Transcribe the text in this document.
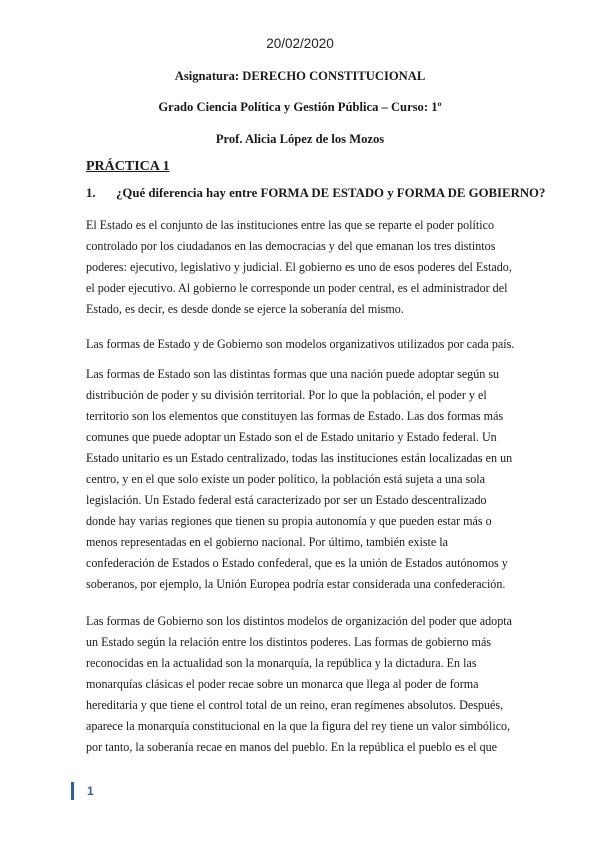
20/02/2020
Asignatura: DERECHO CONSTITUCIONAL
Grado Ciencia Política y Gestión Pública – Curso: 1º
Prof. Alicia López de los Mozos
PRÁCTICA 1
1. ¿Qué diferencia hay entre FORMA DE ESTADO y FORMA DE GOBIERNO?
El Estado es el conjunto de las instituciones entre las que se reparte el poder político
controlado por los ciudadanos en las democracias y del que emanan los tres distintos
poderes: ejecutivo, legislativo y judicial. El gobierno es uno de esos poderes del Estado,
el poder ejecutivo. Al gobierno le corresponde un poder central, es el administrador del
Estado, es decir, es desde donde se ejerce la soberanía del mismo.
Las formas de Estado y de Gobierno son modelos organizativos utilizados por cada país.
Las formas de Estado son las distintas formas que una nación puede adoptar según su
distribución de poder y su división territorial. Por lo que la población, el poder y el
territorio son los elementos que constituyen las formas de Estado. Las dos formas más
comunes que puede adoptar un Estado son el de Estado unitario y Estado federal. Un
Estado unitario es un Estado centralizado, todas las instituciones están localizadas en un
centro, y en el que solo existe un poder político, la población está sujeta a una sola
legislación. Un Estado federal está caracterizado por ser un Estado descentralizado
donde hay varias regiones que tienen su propia autonomía y que pueden estar más o
menos representadas en el gobierno nacional. Por último, también existe la
confederación de Estados o Estado confederal, que es la unión de Estados autónomos y
soberanos, por ejemplo, la Unión Europea podría estar considerada una confederación.
Las formas de Gobierno son los distintos modelos de organización del poder que adopta
un Estado según la relación entre los distintos poderes. Las formas de gobierno más
reconocidas en la actualidad son la monarquía, la república y la dictadura. En las
monarquías clásicas el poder recae sobre un monarca que llega al poder de forma
hereditaria y que tiene el control total de un reino, eran regímenes absolutos. Después,
aparece la monarquía constitucional en la que la figura del rey tiene un valor simbólico,
por tanto, la soberanía recae en manos del pueblo. En la república el pueblo es el que
1
